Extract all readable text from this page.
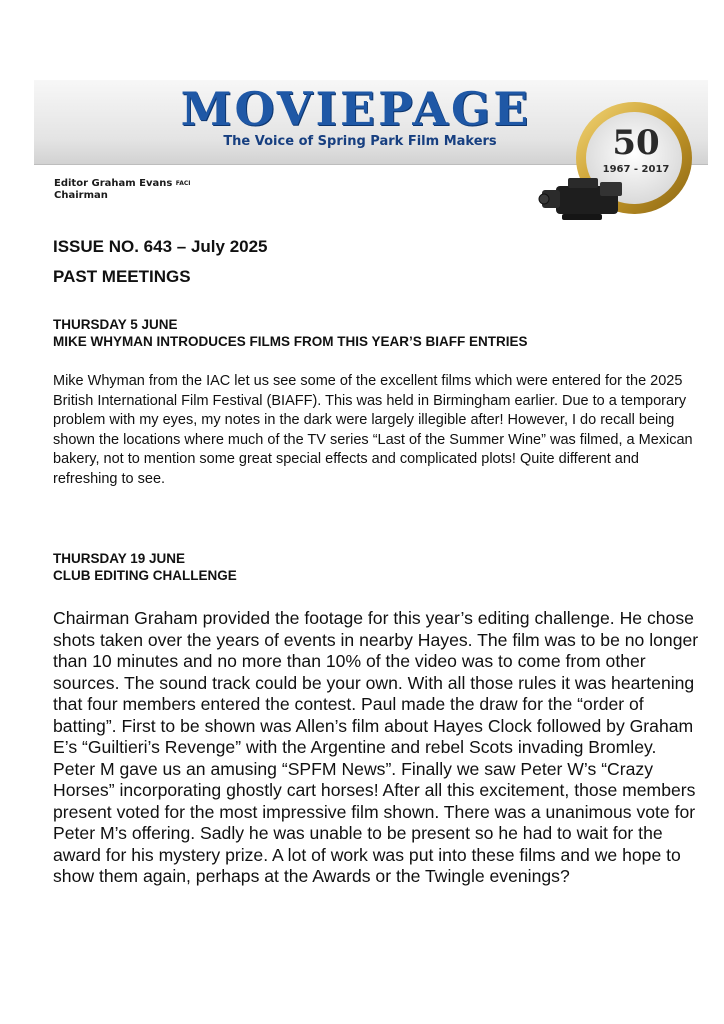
MOVIEPAGE
The Voice of Spring Park Film Makers
Editor Graham Evans FACI
Chairman
50
1967 - 2017
ISSUE NO. 643 – July 2025
PAST MEETINGS
THURSDAY 5 JUNE
MIKE WHYMAN INTRODUCES FILMS FROM THIS YEAR’S BIAFF ENTRIES

Mike Whyman from the IAC let us see some of the excellent films which were entered for the 2025 British International Film Festival (BIAFF). This was held in Birmingham earlier. Due to a temporary problem with my eyes, my notes in the dark were largely illegible after! However, I do recall being shown the locations where much of the TV series “Last of the Summer Wine” was filmed, a Mexican bakery, not to mention some great special effects and complicated plots! Quite different and refreshing to see.

THURSDAY 19 JUNE
CLUB EDITING CHALLENGE

Chairman Graham provided the footage for this year’s editing challenge. He chose shots taken over the years of events in nearby Hayes. The film was to be no longer than 10 minutes and no more than 10% of the video was to come from other sources. The sound track could be your own. With all those rules it was heartening that four members entered the contest. Paul made the draw for the “order of batting”. First to be shown was Allen’s film about Hayes Clock followed by Graham E’s “Guiltieri’s Revenge” with the Argentine and rebel Scots invading Bromley. Peter M gave us an amusing “SPFM News”. Finally we saw Peter W’s “Crazy Horses” incorporating ghostly cart horses! After all this excitement, those members present voted for the most impressive film shown. There was a unanimous vote for Peter M’s offering. Sadly he was unable to be present so he had to wait for the award for his mystery prize. A lot of work was put into these films and we hope to show them again, perhaps at the Awards or the Twingle evenings?
